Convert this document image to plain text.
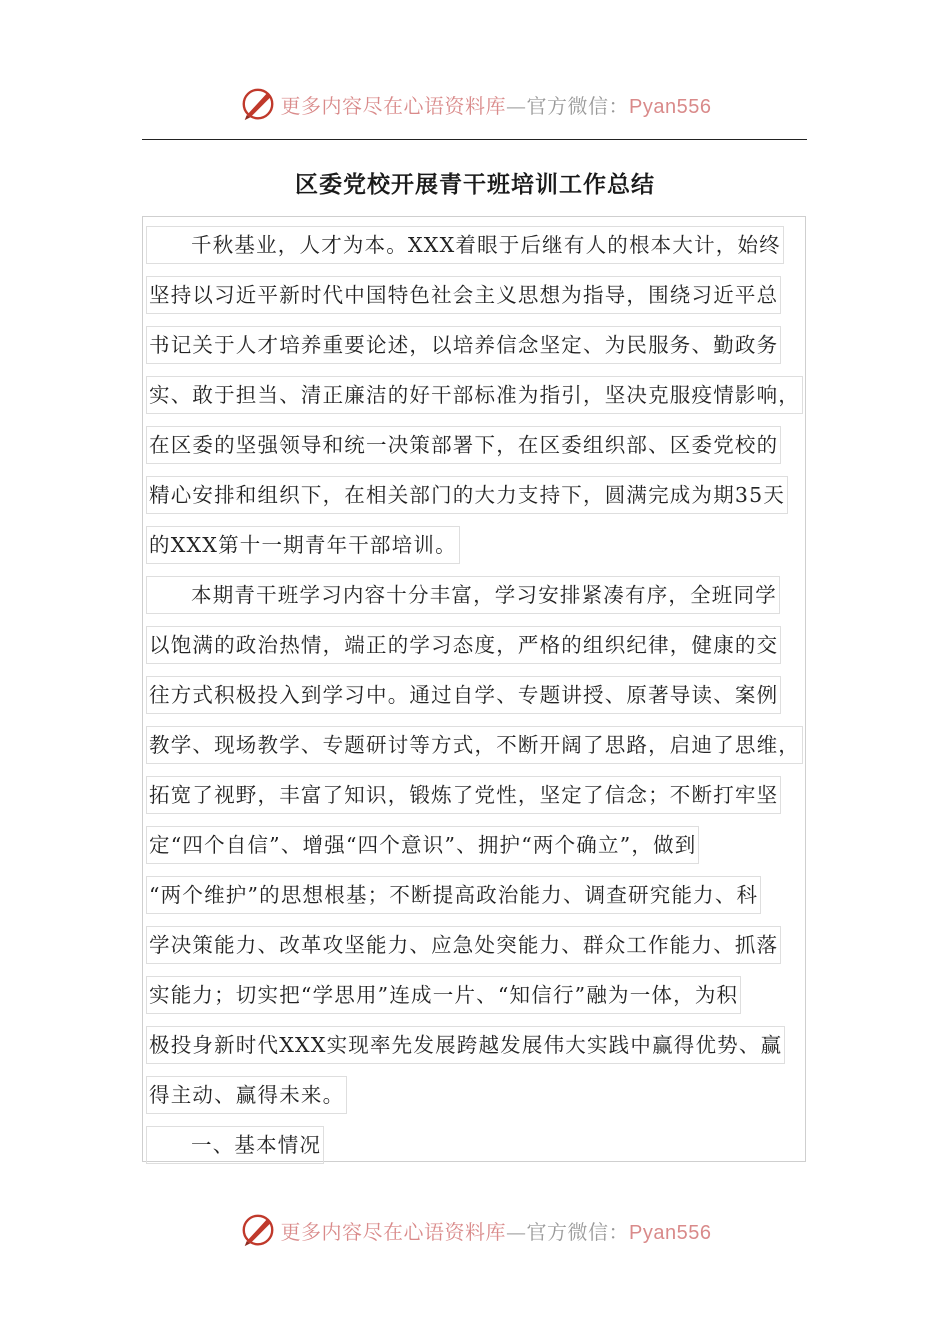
更多内容尽在心语资料库—官方微信：Pyan556
区委党校开展青干班培训工作总结
千秋基业，人才为本。XXX着眼于后继有人的根本大计，始终
坚持以习近平新时代中国特色社会主义思想为指导，围绕习近平总
书记关于人才培养重要论述，以培养信念坚定、为民服务、勤政务
实、敢于担当、清正廉洁的好干部标准为指引，坚决克服疫情影响，
在区委的坚强领导和统一决策部署下，在区委组织部、区委党校的
精心安排和组织下，在相关部门的大力支持下，圆满完成为期35天
的XXX第十一期青年干部培训。
本期青干班学习内容十分丰富，学习安排紧凑有序，全班同学
以饱满的政治热情，端正的学习态度，严格的组织纪律，健康的交
往方式积极投入到学习中。通过自学、专题讲授、原著导读、案例
教学、现场教学、专题研讨等方式，不断开阔了思路，启迪了思维，
拓宽了视野，丰富了知识，锻炼了党性，坚定了信念；不断打牢坚
定“四个自信”、增强“四个意识”、拥护“两个确立”，做到
“两个维护”的思想根基；不断提高政治能力、调查研究能力、科
学决策能力、改革攻坚能力、应急处突能力、群众工作能力、抓落
实能力；切实把“学思用”连成一片、“知信行”融为一体，为积
极投身新时代XXX实现率先发展跨越发展伟大实践中赢得优势、赢
得主动、赢得未来。
一、基本情况
更多内容尽在心语资料库—官方微信：Pyan556
